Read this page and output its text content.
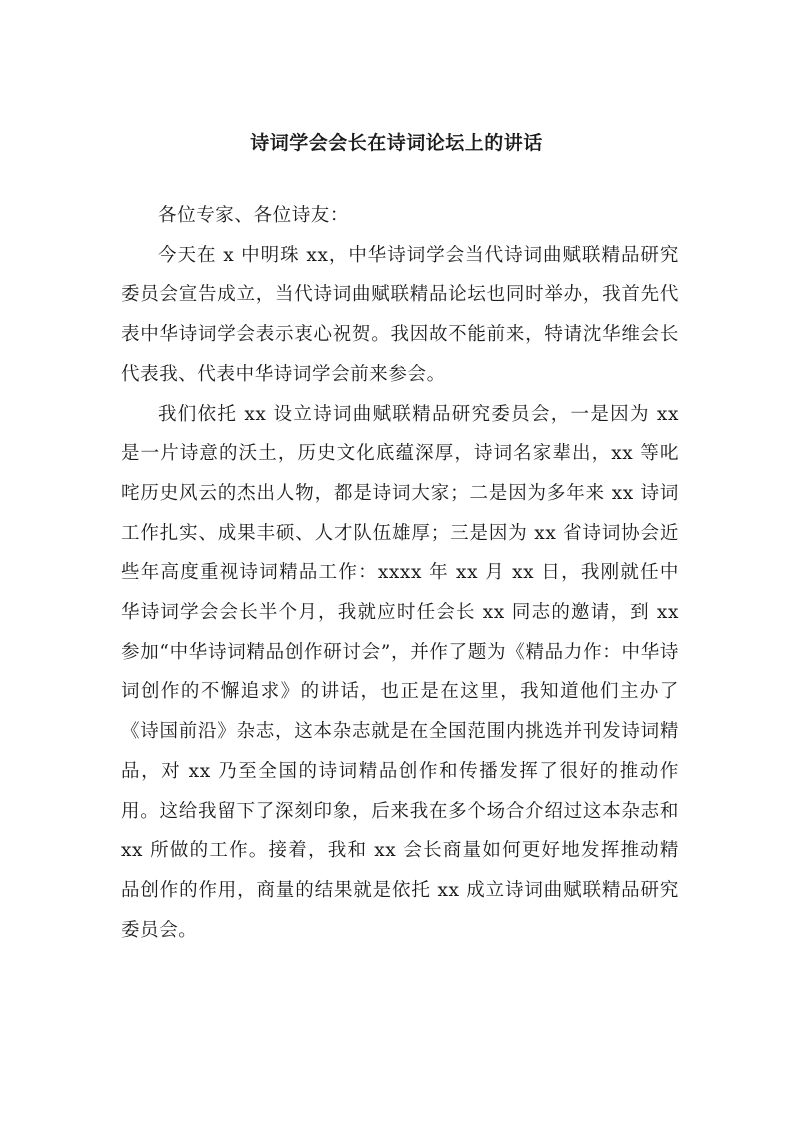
诗词学会会长在诗词论坛上的讲话

各位专家、各位诗友：

今天在 x 中明珠 xx，中华诗词学会当代诗词曲赋联精品研究委员会宣告成立，当代诗词曲赋联精品论坛也同时举办，我首先代表中华诗词学会表示衷心祝贺。我因故不能前来，特请沈华维会长代表我、代表中华诗词学会前来参会。

我们依托 xx 设立诗词曲赋联精品研究委员会，一是因为 xx 是一片诗意的沃土，历史文化底蕴深厚，诗词名家辈出，xx 等叱咤历史风云的杰出人物，都是诗词大家；二是因为多年来 xx 诗词工作扎实、成果丰硕、人才队伍雄厚；三是因为 xx 省诗词协会近些年高度重视诗词精品工作：xxxx 年 xx 月 xx 日，我刚就任中华诗词学会会长半个月，我就应时任会长 xx 同志的邀请，到 xx 参加“中华诗词精品创作研讨会”，并作了题为《精品力作：中华诗词创作的不懈追求》的讲话，也正是在这里，我知道他们主办了《诗国前沿》杂志，这本杂志就是在全国范围内挑选并刊发诗词精品，对 xx 乃至全国的诗词精品创作和传播发挥了很好的推动作用。这给我留下了深刻印象，后来我在多个场合介绍过这本杂志和 xx 所做的工作。接着，我和 xx 会长商量如何更好地发挥推动精品创作的作用，商量的结果就是依托 xx 成立诗词曲赋联精品研究委员会。
